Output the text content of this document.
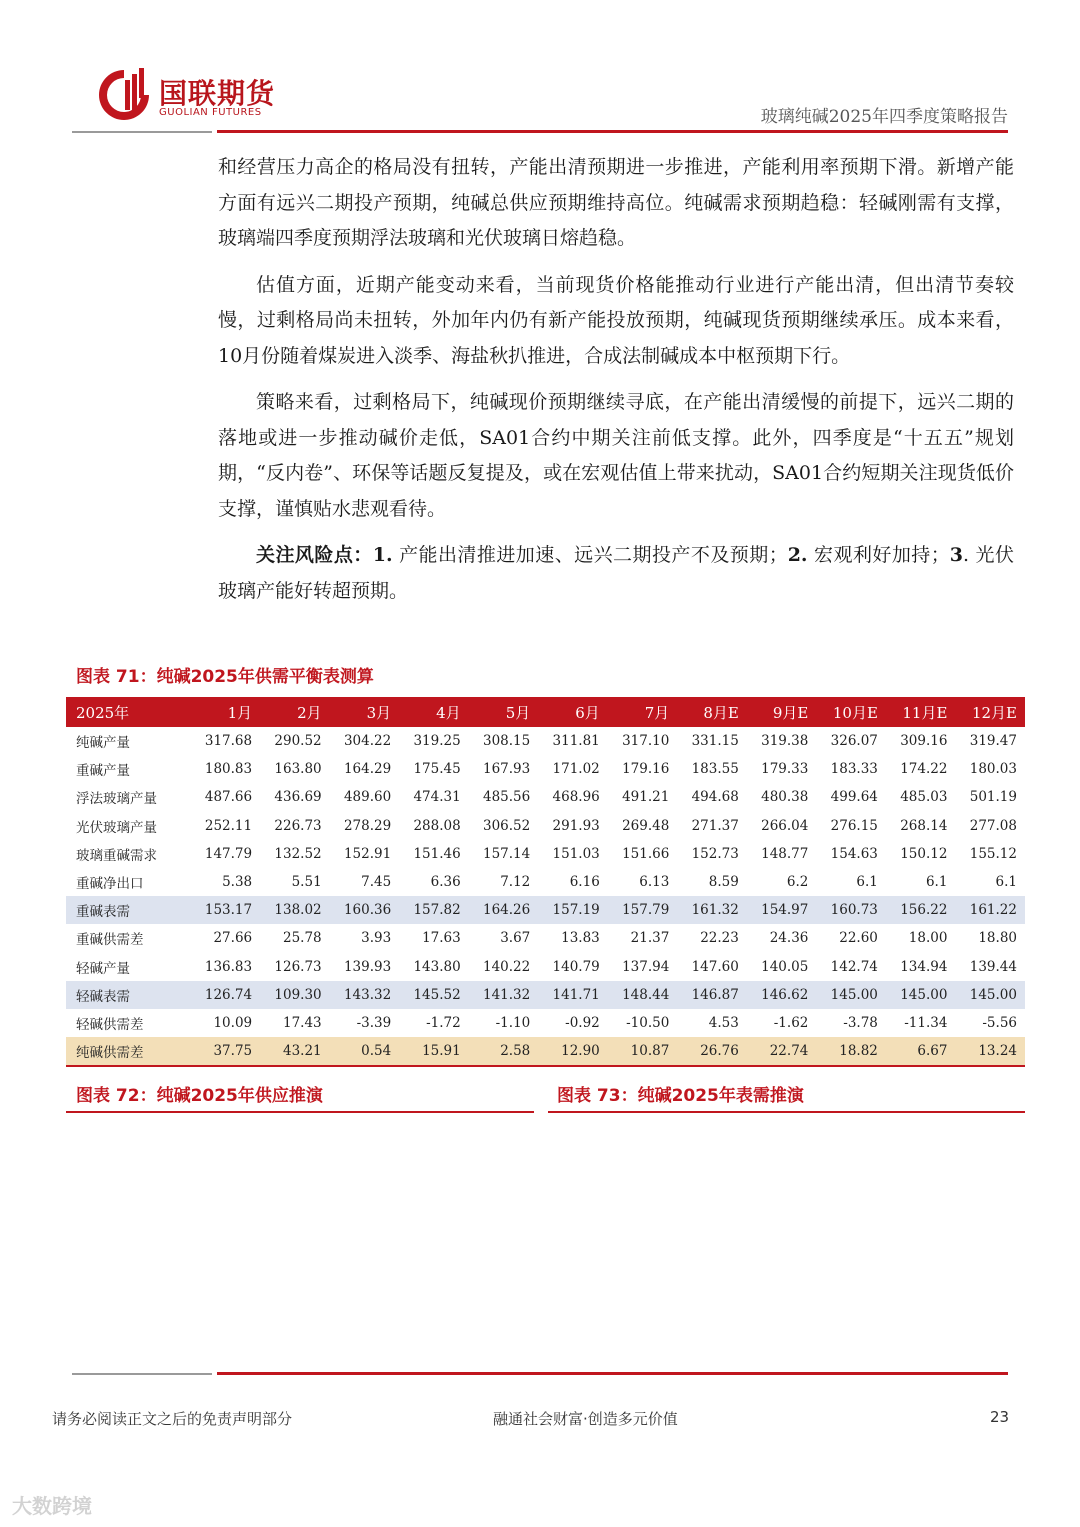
国联期货
GUOLIAN FUTURES	玻璃纯碱2025年四季度策略报告

和经营压力高企的格局没有扭转，产能出清预期进一步推进，产能利用率预期下滑。新增产能方面有远兴二期投产预期，纯碱总供应预期维持高位。纯碱需求预期趋稳：轻碱刚需有支撑，玻璃端四季度预期浮法玻璃和光伏玻璃日熔趋稳。

估值方面，近期产能变动来看，当前现货价格能推动行业进行产能出清，但出清节奏较慢，过剩格局尚未扭转，外加年内仍有新产能投放预期，纯碱现货预期继续承压。成本来看，10月份随着煤炭进入淡季、海盐秋扒推进，合成法制碱成本中枢预期下行。

策略来看，过剩格局下，纯碱现价预期继续寻底，在产能出清缓慢的前提下，远兴二期的落地或进一步推动碱价走低，SA01合约中期关注前低支撑。此外，四季度是“十五五”规划期，“反内卷”、环保等话题反复提及，或在宏观估值上带来扰动，SA01合约短期关注现货低价支撑，谨慎贴水悲观看待。

关注风险点：1. 产能出清推进加速、远兴二期投产不及预期；2. 宏观利好加持；3. 光伏玻璃产能好转超预期。

图表 71：纯碱2025年供需平衡表测算
2025年	1月	2月	3月	4月	5月	6月	7月	8月E	9月E	10月E	11月E	12月E
纯碱产量	317.68	290.52	304.22	319.25	308.15	311.81	317.10	331.15	319.38	326.07	309.16	319.47
重碱产量	180.83	163.80	164.29	175.45	167.93	171.02	179.16	183.55	179.33	183.33	174.22	180.03
浮法玻璃产量	487.66	436.69	489.60	474.31	485.56	468.96	491.21	494.68	480.38	499.64	485.03	501.19
光伏玻璃产量	252.11	226.73	278.29	288.08	306.52	291.93	269.48	271.37	266.04	276.15	268.14	277.08
玻璃重碱需求	147.79	132.52	152.91	151.46	157.14	151.03	151.66	152.73	148.77	154.63	150.12	155.12
重碱净出口	5.38	5.51	7.45	6.36	7.12	6.16	6.13	8.59	6.2	6.1	6.1	6.1
重碱表需	153.17	138.02	160.36	157.82	164.26	157.19	157.79	161.32	154.97	160.73	156.22	161.22
重碱供需差	27.66	25.78	3.93	17.63	3.67	13.83	21.37	22.23	24.36	22.60	18.00	18.80
轻碱产量	136.83	126.73	139.93	143.80	140.22	140.79	137.94	147.60	140.05	142.74	134.94	139.44
轻碱表需	126.74	109.30	143.32	145.52	141.32	141.71	148.44	146.87	146.62	145.00	145.00	145.00
轻碱供需差	10.09	17.43	-3.39	-1.72	-1.10	-0.92	-10.50	4.53	-1.62	-3.78	-11.34	-5.56
纯碱供需差	37.75	43.21	0.54	15.91	2.58	12.90	10.87	26.76	22.74	18.82	6.67	13.24
图表 72：纯碱2025年供应推演	图表 73：纯碱2025年表需推演
请务必阅读正文之后的免责声明部分	融通社会财富·创造多元价值	23
大数跨境
